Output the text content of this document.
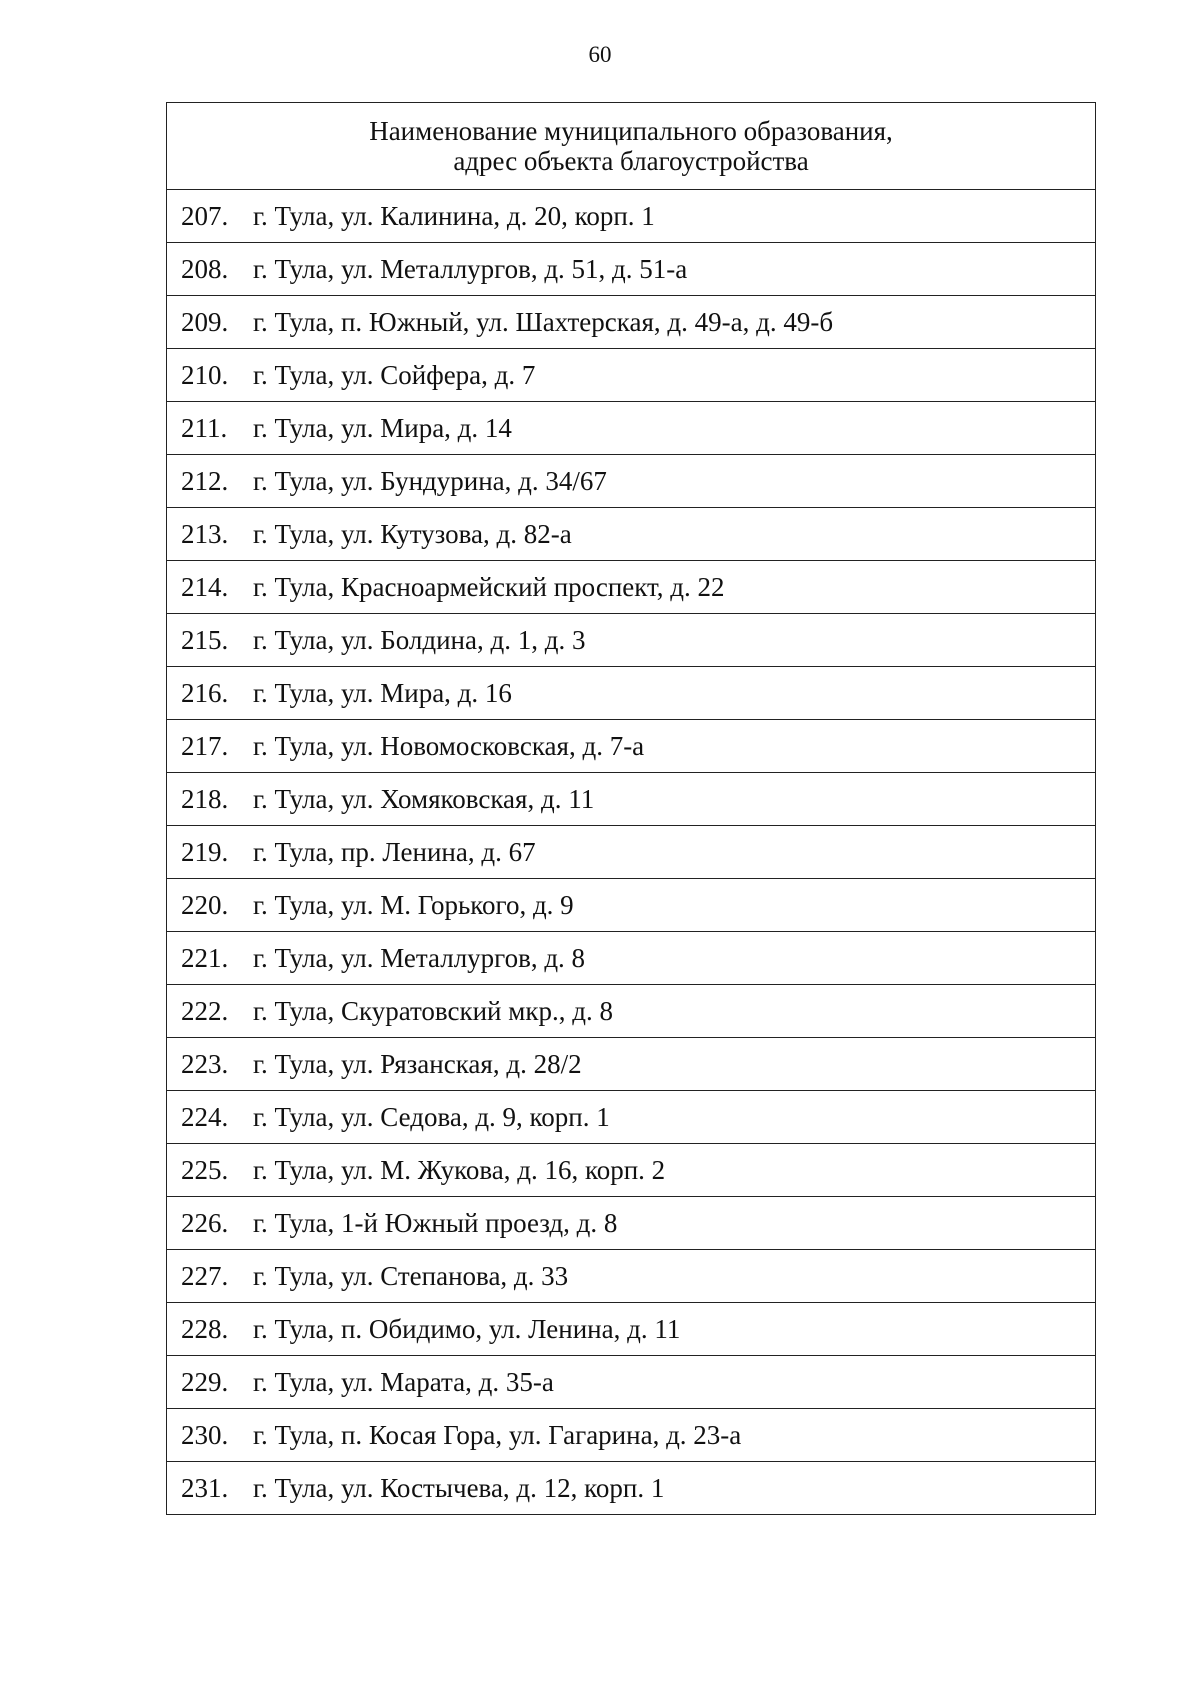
60
Наименование муниципального образования,
адрес объекта благоустройства

207. г. Тула, ул. Калинина, д. 20, корп. 1
208. г. Тула, ул. Металлургов, д. 51, д. 51-а
209. г. Тула, п. Южный, ул. Шахтерская, д. 49-а, д. 49-б
210. г. Тула, ул. Сойфера, д. 7
211. г. Тула, ул. Мира, д. 14
212. г. Тула, ул. Бундурина, д. 34/67
213. г. Тула, ул. Кутузова, д. 82-а
214. г. Тула, Красноармейский проспект, д. 22
215. г. Тула, ул. Болдина, д. 1, д. 3
216. г. Тула, ул. Мира, д. 16
217. г. Тула, ул. Новомосковская, д. 7-а
218. г. Тула, ул. Хомяковская, д. 11
219. г. Тула, пр. Ленина, д. 67
220. г. Тула, ул. М. Горького, д. 9
221. г. Тула, ул. Металлургов, д. 8
222. г. Тула, Скуратовский мкр., д. 8
223. г. Тула, ул. Рязанская, д. 28/2
224. г. Тула, ул. Седова, д. 9, корп. 1
225. г. Тула, ул. М. Жукова, д. 16, корп. 2
226. г. Тула, 1-й Южный проезд, д. 8
227. г. Тула, ул. Степанова, д. 33
228. г. Тула, п. Обидимо, ул. Ленина, д. 11
229. г. Тула, ул. Марата, д. 35-а
230. г. Тула, п. Косая Гора, ул. Гагарина, д. 23-а
231. г. Тула, ул. Костычева, д. 12, корп. 1
